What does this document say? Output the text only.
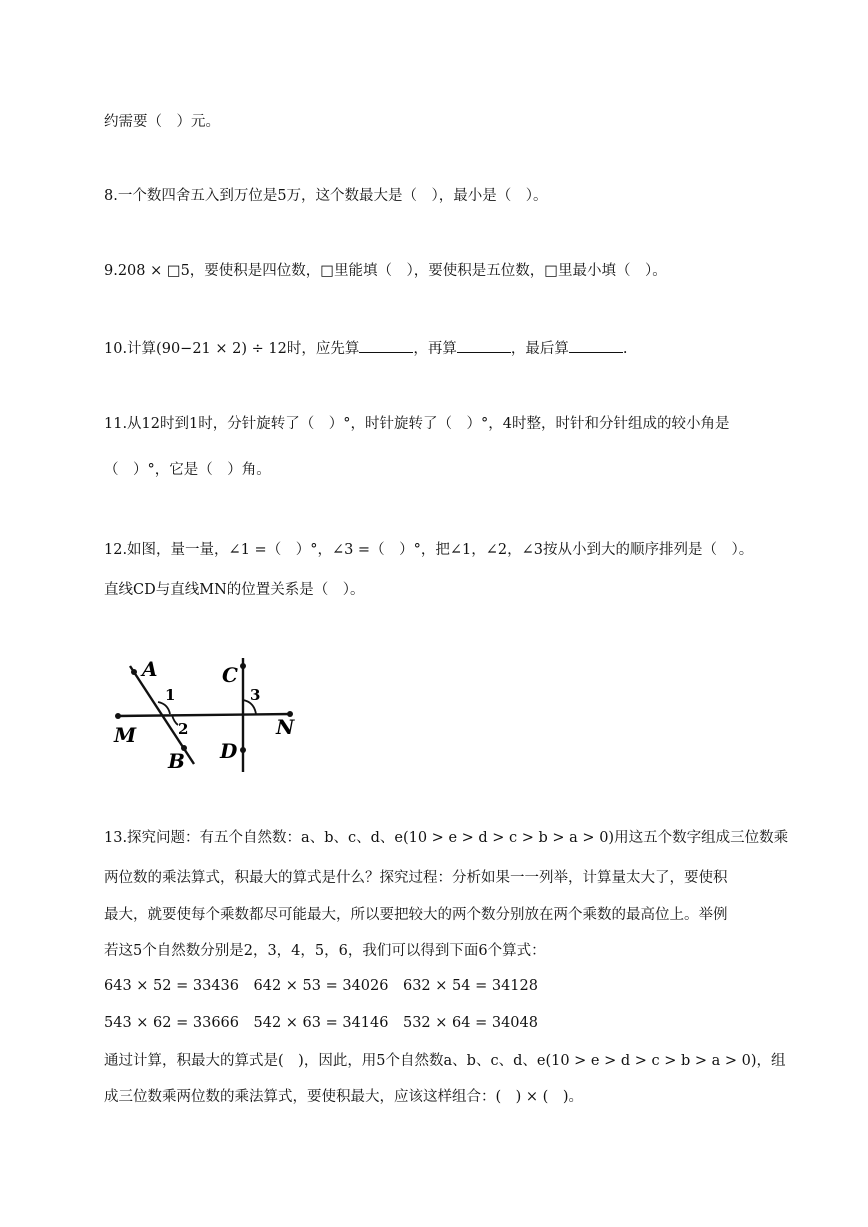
约需要（　）元。
8.一个数四舍五入到万位是5万，这个数最大是（　），最小是（　）。
9.208 × □5，要使积是四位数，□里能填（　），要使积是五位数，□里最小填（　）。
10.计算(90−21 × 2) ÷ 12时，应先算	，再算	，最后算	.
11.从12时到1时，分针旋转了（　）°，时针旋转了（　）°，4时整，时针和分针组成的较小角是
（　）°，它是（　）角。
12.如图，量一量，∠1 =（　）°，∠3 =（　）°，把∠1，∠2，∠3按从小到大的顺序排列是（　）。
直线CD与直线MN的位置关系是（　）。
A
B
C
D
M	N
1
2
3
13.探究问题：有五个自然数：a、b、c、d、e(10 > e > d > c > b > a > 0)用这五个数字组成三位数乘
两位数的乘法算式，积最大的算式是什么？探究过程：分析如果一一列举，计算量太大了，要使积
最大，就要使每个乘数都尽可能最大，所以要把较大的两个数分别放在两个乘数的最高位上。举例
若这5个自然数分别是2，3，4，5，6，我们可以得到下面6个算式：
643 × 52 = 33436　642 × 53 = 34026　632 × 54 = 34128
543 × 62 = 33666　542 × 63 = 34146　532 × 64 = 34048
通过计算，积最大的算式是(　)，因此，用5个自然数a、b、c、d、e(10 > e > d > c > b > a > 0)，组
成三位数乘两位数的乘法算式，要使积最大，应该这样组合：(　) × (　)。
